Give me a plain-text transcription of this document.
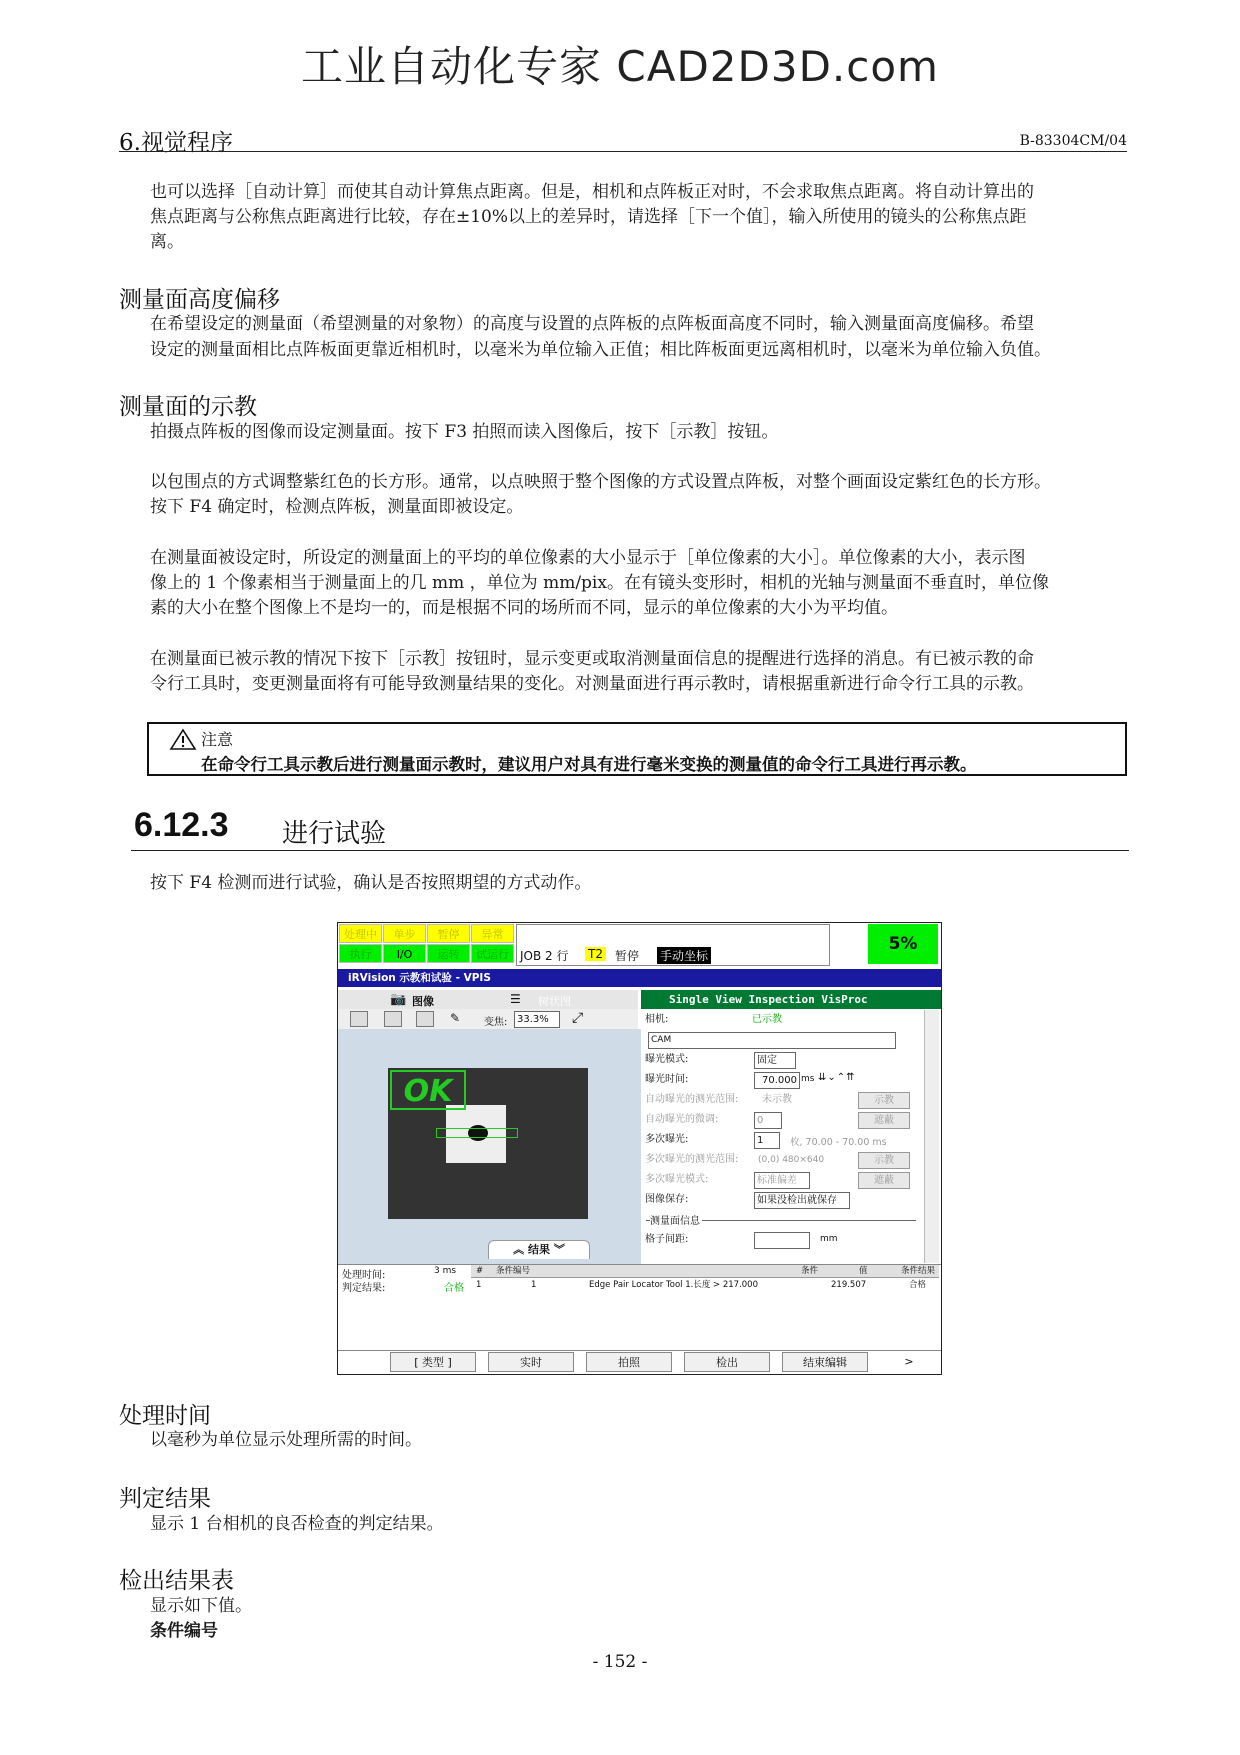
工业自动化专家 CAD2D3D.com
6.视觉程序	B-83304CM/04
也可以选择［自动计算］而使其自动计算焦点距离。但是，相机和点阵板正对时，不会求取焦点距离。将自动计算出的
焦点距离与公称焦点距离进行比较，存在±10%以上的差异时，请选择［下一个值］，输入所使用的镜头的公称焦点距
离。
测量面高度偏移
在希望设定的测量面（希望测量的对象物）的高度与设置的点阵板的点阵板面高度不同时，输入测量面高度偏移。希望
设定的测量面相比点阵板面更靠近相机时，以毫米为单位输入正值；相比阵板面更远离相机时，以毫米为单位输入负值。
测量面的示教
拍摄点阵板的图像而设定测量面。按下 F3 拍照而读入图像后，按下［示教］按钮。
以包围点的方式调整紫红色的长方形。通常，以点映照于整个图像的方式设置点阵板，对整个画面设定紫红色的长方形。
按下 F4 确定时，检测点阵板，测量面即被设定。
在测量面被设定时，所设定的测量面上的平均的单位像素的大小显示于［单位像素的大小］。单位像素的大小，表示图
像上的 1 个像素相当于测量面上的几 mm ，单位为 mm/pix。在有镜头变形时，相机的光轴与测量面不垂直时，单位像
素的大小在整个图像上不是均一的，而是根据不同的场所而不同，显示的单位像素的大小为平均值。
在测量面已被示教的情况下按下［示教］按钮时，显示变更或取消测量面信息的提醒进行选择的消息。有已被示教的命
令行工具时，变更测量面将有可能导致测量结果的变化。对测量面进行再示教时，请根据重新进行命令行工具的示教。
注意
在命令行工具示教后进行测量面示教时，建议用户对具有进行毫米变换的测量值的命令行工具进行再示教。
6.12.3 进行试验
按下 F4 检测而进行试验，确认是否按照期望的方式动作。
处理中	单步	暂停	异常
执行	I/O	运转	试运行 JOB 2 行 T2 暂停 手动坐标
5%
iRVision 示教和试验 - VPIS
📷 图像	☰ 树状图	Single View Inspection VisProc
✎ 变焦: 33.3%	⤢
OK
︽ 结果 ︾
相机:	已示教
CAM
曝光模式:	固定
曝光时间:	70.000 ms ⇊⌄⌃⇈
自动曝光的测光范围: 未示教	示教
自动曝光的微调:	0	遮蔽
多次曝光:	1	枚, 70.00 - 70.00 ms
多次曝光的测光范围: (0,0) 480×640	示教
多次曝光模式:	标准偏差	遮蔽
图像保存:	如果没检出就保存
测量面信息
格子间距:	mm
处理时间:	3 ms
判定结果:	合格
# 条件编号	条件	值	条件结果
1	1	Edge Pair Locator Tool 1.长度 > 217.000	219.507	合格
[ 类型 ]	实时	拍照	检出	结束编辑	>
处理时间
以毫秒为单位显示处理所需的时间。
判定结果
显示 1 台相机的良否检查的判定结果。
检出结果表
显示如下值。
条件编号
- 152 -
